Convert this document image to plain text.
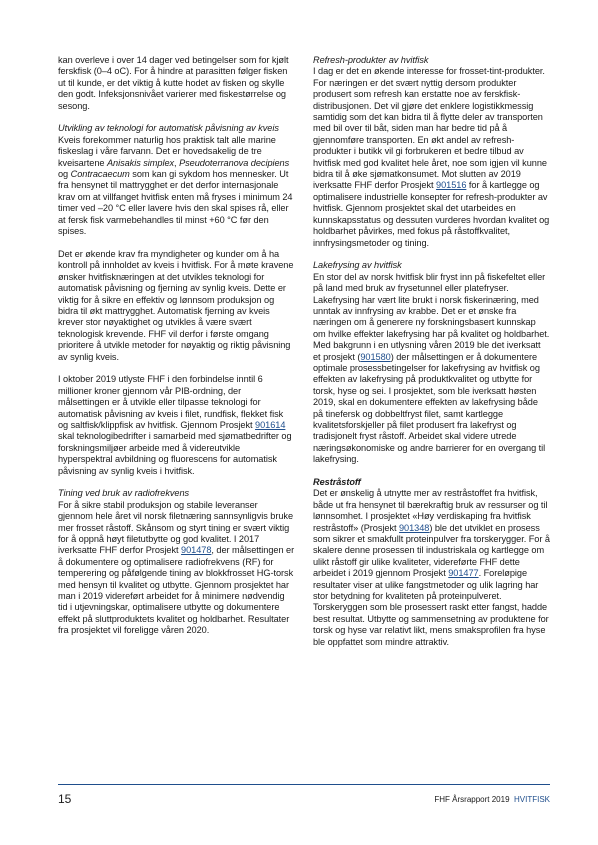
kan overleve i over 14 dager ved betingelser som for kjølt ferskfisk (0–4 oC). For å hindre at parasitten følger fisken ut til kunde, er det viktig å kutte hodet av fisken og skylle den godt. Infeksjonsnivået varierer med fiskestørrelse og sesong.

Utvikling av teknologi for automatisk påvisning av kveis

Kveis forekommer naturlig hos praktisk talt alle marine fiskeslag i våre farvann. Det er hovedsakelig de tre kveisartene Anisakis simplex, Pseudoterranova decipiens og Contracaecum som kan gi sykdom hos mennesker. Ut fra hensynet til mattrygghet er det derfor internasjonale krav om at villfanget hvitfisk enten må fryses i minimum 24 timer ved –20 °C eller lavere hvis den skal spises rå, eller at fersk fisk varmebehandles til minst +60 °C før den spises.

Det er økende krav fra myndigheter og kunder om å ha kontroll på innholdet av kveis i hvitfisk. For å møte kravene ønsker hvitfisknæringen at det utvikles teknologi for automatisk påvisning og fjerning av synlig kveis. Dette er viktig for å sikre en effektiv og lønnsom produksjon og bidra til økt mattrygghet. Automatisk fjerning av kveis krever stor nøyaktighet og utvikles å være svært teknologisk krevende. FHF vil derfor i første omgang prioritere å utvikle metoder for nøyaktig og riktig påvisning av synlig kveis.

I oktober 2019 utlyste FHF i den forbindelse inntil 6 millioner kroner gjennom vår PIB-ordning, der målsettingen er å utvikle eller tilpasse teknologi for automatisk påvisning av kveis i filet, rundfisk, flekket fisk og saltfisk/klippfisk av hvitfisk. Gjennom Prosjekt 901614 skal teknologibedrifter i samarbeid med sjømatbedrifter og forskningsmiljøer arbeide med å videreutvikle hyperspektral avbildning og fluorescens for automatisk påvisning av synlig kveis i hvitfisk.

Tining ved bruk av radiofrekvens

For å sikre stabil produksjon og stabile leveranser gjennom hele året vil norsk filetnæring sannsynligvis bruke mer frosset råstoff. Skånsom og styrt tining er svært viktig for å oppnå høyt filetutbytte og god kvalitet. I 2017 iverksatte FHF derfor Prosjekt 901478, der målsettingen er å dokumentere og optimalisere radiofrekvens (RF) for temperering og påfølgende tining av blokkfrosset HG-torsk med hensyn til kvalitet og utbytte. Gjennom prosjektet har man i 2019 videreført arbeidet for å minimere nødvendig tid i utjevningskar, optimalisere utbytte og dokumentere effekt på sluttproduktets kvalitet og holdbarhet. Resultater fra prosjektet vil foreligge våren 2020.

Refresh-produkter av hvitfisk

I dag er det en økende interesse for frosset-tint-produkter. For næringen er det svært nyttig dersom produkter produsert som refresh kan erstatte noe av ferskfisk-distribusjonen. Det vil gjøre det enklere logistikkmessig samtidig som det kan bidra til å flytte deler av transporten med bil over til båt, siden man har bedre tid på å gjennomføre transporten. En økt andel av refresh-produkter i butikk vil gi forbrukeren et bedre tilbud av hvitfisk med god kvalitet hele året, noe som igjen vil kunne bidra til å øke sjømatkonsumet. Mot slutten av 2019 iverksatte FHF derfor Prosjekt 901516 for å kartlegge og optimalisere industrielle konsepter for refresh-produkter av hvitfisk. Gjennom prosjektet skal det utarbeides en kunnskapsstatus og dessuten vurderes hvordan kvalitet og holdbarhet påvirkes, med fokus på råstoffkvalitet, innfrysingsmetoder og tining.

Lakefrysing av hvitfisk

En stor del av norsk hvitfisk blir fryst inn på fiskefeltet eller på land med bruk av frysetunnel eller platefryser. Lakefrysing har vært lite brukt i norsk fiskerinæring, med unntak av innfrysing av krabbe. Det er et ønske fra næringen om å generere ny forskningsbasert kunnskap om hvilke effekter lakefrysing har på kvalitet og holdbarhet. Med bakgrunn i en utlysning våren 2019 ble det iverksatt et prosjekt (901580) der målsettingen er å dokumentere optimale prosessbetingelser for lakefrysing av hvitfisk og effekten av lakefrysing på produktkvalitet og utbytte for torsk, hyse og sei. I prosjektet, som ble iverksatt høsten 2019, skal en dokumentere effekten av lakefrysing både på tinefersk og dobbeltfryst filet, samt kartlegge kvalitetsforskjeller på filet produsert fra lakefryst og tradisjonelt fryst råstoff. Arbeidet skal videre utrede næringsøkonomiske og andre barrierer for en overgang til lakefrysing.

Restråstoff

Det er ønskelig å utnytte mer av restråstoffet fra hvitfisk, både ut fra hensynet til bærekraftig bruk av ressurser og til lønnsomhet. I prosjektet «Høy verdiskaping fra hvitfisk restråstoff» (Prosjekt 901348) ble det utviklet en prosess som sikrer et smakfullt proteinpulver fra torskerygger. For å skalere denne prosessen til industriskala og kartlegge om ulikt råstoff gir ulike kvaliteter, videreførte FHF dette arbeidet i 2019 gjennom Prosjekt 901477. Foreløpige resultater viser at ulike fangstmetoder og ulik lagring har stor betydning for kvaliteten på proteinpulveret. Torskeryggen som ble prosessert raskt etter fangst, hadde best resultat. Utbytte og sammensetning av produktene for torsk og hyse var relativt likt, mens smaksprofilen fra hyse ble oppfattet som mindre attraktiv.

15	FHF Årsrapport 2019 HVITFISK
